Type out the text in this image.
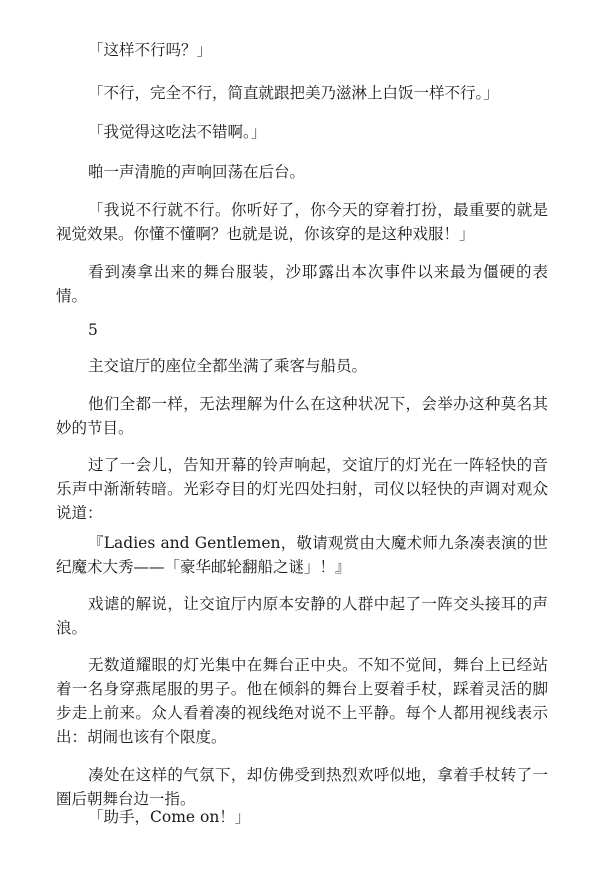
「这样不行吗？」

「不行，完全不行，简直就跟把美乃滋淋上白饭一样不行。」

「我觉得这吃法不错啊。」

啪一声清脆的声响回荡在后台。

「我说不行就不行。你听好了，你今天的穿着打扮，最重要的就是视觉效果。你懂不懂啊？也就是说，你该穿的是这种戏服！」

看到凑拿出来的舞台服装，沙耶露出本次事件以来最为僵硬的表情。

5

主交谊厅的座位全都坐满了乘客与船员。

他们全都一样，无法理解为什么在这种状况下，会举办这种莫名其妙的节目。

过了一会儿，告知开幕的铃声响起，交谊厅的灯光在一阵轻快的音乐声中渐渐转暗。光彩夺目的灯光四处扫射，司仪以轻快的声调对观众说道：

『Ladies and Gentlemen，敬请观赏由大魔术师九条凑表演的世纪魔术大秀——「豪华邮轮翻船之谜」！』

戏谑的解说，让交谊厅内原本安静的人群中起了一阵交头接耳的声浪。

无数道耀眼的灯光集中在舞台正中央。不知不觉间，舞台上已经站着一名身穿燕尾服的男子。他在倾斜的舞台上耍着手杖，踩着灵活的脚步走上前来。众人看着凑的视线绝对说不上平静。每个人都用视线表示出：胡闹也该有个限度。

凑处在这样的气氛下，却仿佛受到热烈欢呼似地，拿着手杖转了一圈后朝舞台边一指。

「助手，Come on！」
